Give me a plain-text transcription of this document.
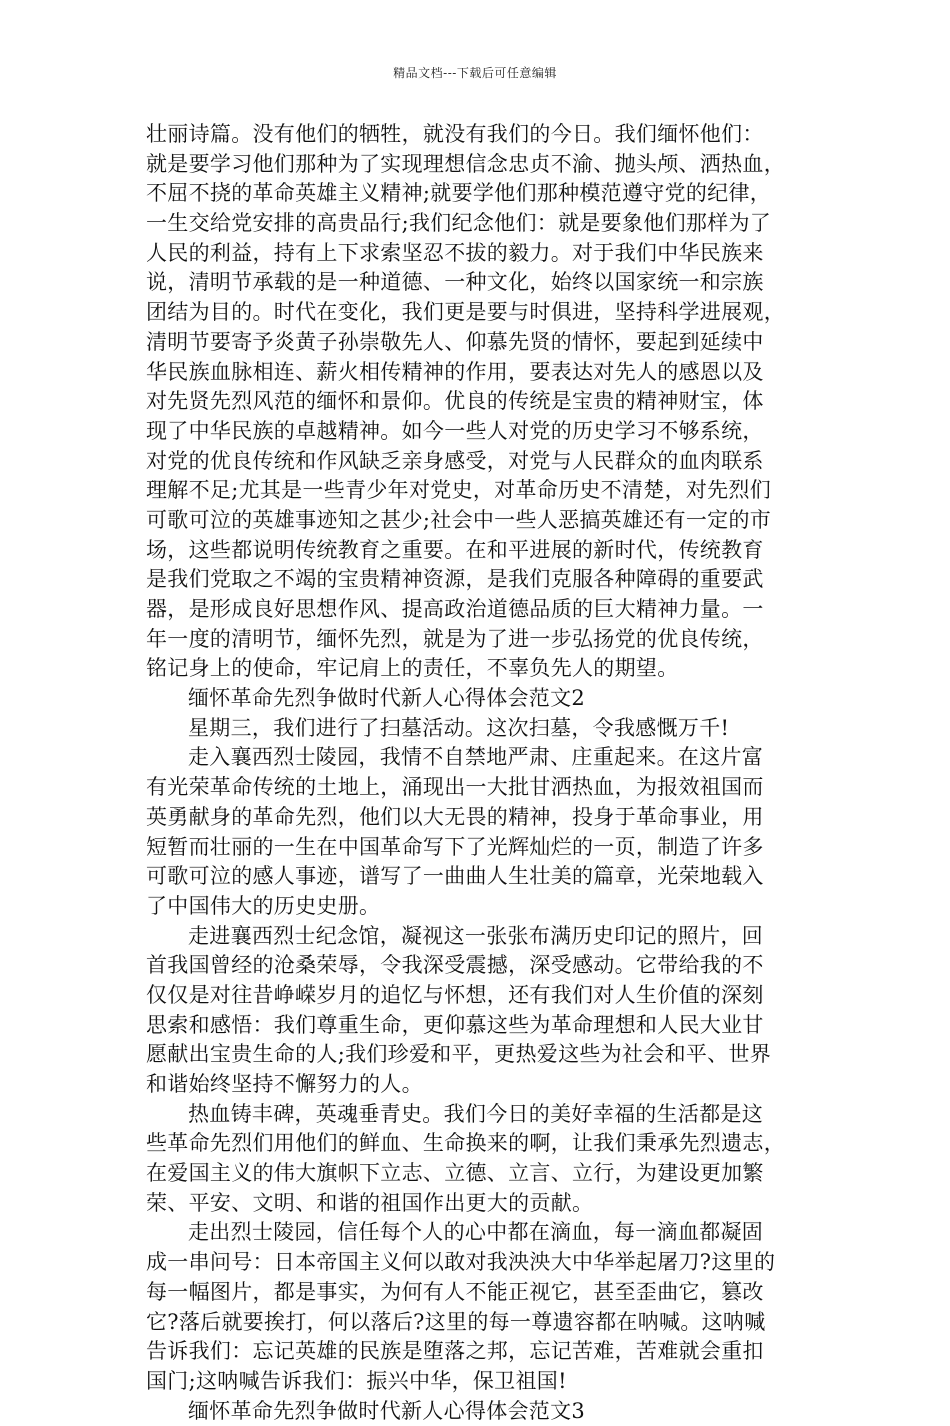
精品文档---下载后可任意编辑
壮丽诗篇。没有他们的牺牲，就没有我们的今日。我们缅怀他们：
就是要学习他们那种为了实现理想信念忠贞不渝、抛头颅、洒热血，
不屈不挠的革命英雄主义精神;就要学他们那种模范遵守党的纪律，
一生交给党安排的高贵品行;我们纪念他们：就是要象他们那样为了
人民的利益，持有上下求索坚忍不拔的毅力。对于我们中华民族来
说，清明节承载的是一种道德、一种文化，始终以国家统一和宗族
团结为目的。时代在变化，我们更是要与时俱进，坚持科学进展观，
清明节要寄予炎黄子孙崇敬先人、仰慕先贤的情怀，要起到延续中
华民族血脉相连、薪火相传精神的作用，要表达对先人的感恩以及
对先贤先烈风范的缅怀和景仰。优良的传统是宝贵的精神财宝，体
现了中华民族的卓越精神。如今一些人对党的历史学习不够系统，
对党的优良传统和作风缺乏亲身感受，对党与人民群众的血肉联系
理解不足;尤其是一些青少年对党史，对革命历史不清楚，对先烈们
可歌可泣的英雄事迹知之甚少;社会中一些人恶搞英雄还有一定的市
场，这些都说明传统教育之重要。在和平进展的新时代，传统教育
是我们党取之不竭的宝贵精神资源，是我们克服各种障碍的重要武
器，是形成良好思想作风、提高政治道德品质的巨大精神力量。一
年一度的清明节，缅怀先烈，就是为了进一步弘扬党的优良传统，
铭记身上的使命，牢记肩上的责任，不辜负先人的期望。
缅怀革命先烈争做时代新人心得体会范文2
星期三，我们进行了扫墓活动。这次扫墓，令我感慨万千!
走入襄西烈士陵园，我情不自禁地严肃、庄重起来。在这片富
有光荣革命传统的土地上，涌现出一大批甘洒热血，为报效祖国而
英勇献身的革命先烈，他们以大无畏的精神，投身于革命事业，用
短暂而壮丽的一生在中国革命写下了光辉灿烂的一页，制造了许多
可歌可泣的感人事迹，谱写了一曲曲人生壮美的篇章，光荣地载入
了中国伟大的历史史册。
走进襄西烈士纪念馆，凝视这一张张布满历史印记的照片，回
首我国曾经的沧桑荣辱，令我深受震撼，深受感动。它带给我的不
仅仅是对往昔峥嵘岁月的追忆与怀想，还有我们对人生价值的深刻
思索和感悟：我们尊重生命，更仰慕这些为革命理想和人民大业甘
愿献出宝贵生命的人;我们珍爱和平，更热爱这些为社会和平、世界
和谐始终坚持不懈努力的人。
热血铸丰碑，英魂垂青史。我们今日的美好幸福的生活都是这
些革命先烈们用他们的鲜血、生命换来的啊，让我们秉承先烈遗志，
在爱国主义的伟大旗帜下立志、立德、立言、立行，为建设更加繁
荣、平安、文明、和谐的祖国作出更大的贡献。
走出烈士陵园，信任每个人的心中都在滴血，每一滴血都凝固
成一串问号：日本帝国主义何以敢对我泱泱大中华举起屠刀?这里的
每一幅图片，都是事实，为何有人不能正视它，甚至歪曲它，篡改
它?落后就要挨打，何以落后?这里的每一尊遗容都在呐喊。这呐喊
告诉我们：忘记英雄的民族是堕落之邦，忘记苦难，苦难就会重扣
国门;这呐喊告诉我们：振兴中华，保卫祖国!
缅怀革命先烈争做时代新人心得体会范文3
